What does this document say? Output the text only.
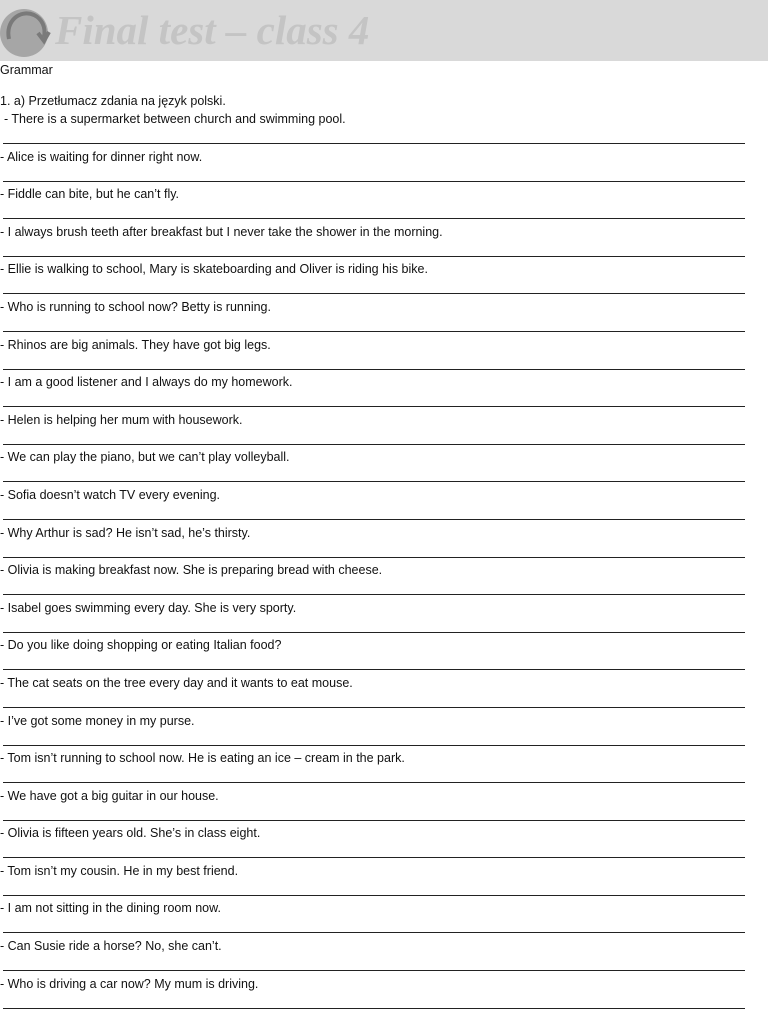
Final test – class 4
Grammar
1. a) Przetłumacz zdania na język polski.
- There is a supermarket between church and swimming pool.
- Alice is waiting for dinner right now.
- Fiddle can bite, but he can’t fly.
- I always brush teeth after breakfast but I never take the shower in the morning.
- Ellie is walking to school, Mary is skateboarding and Oliver is riding his bike.
- Who is running to school now? Betty is running.
- Rhinos are big animals. They have got big legs.
- I am a good listener and I always do my homework.
- Helen is helping her mum with housework.
- We can play the piano, but we can’t play volleyball.
- Sofia doesn’t watch TV every evening.
- Why Arthur is sad? He isn’t sad, he’s thirsty.
- Olivia is making breakfast now. She is preparing bread with cheese.
- Isabel goes swimming every day. She is very sporty.
- Do you like doing shopping or eating Italian food?
- The cat seats on the tree every day and it wants to eat mouse.
- I’ve got some money in my purse.
- Tom isn’t running to school now. He is eating an ice – cream in the park.
- We have got a big guitar in our house.
- Olivia is fifteen years old. She’s in class eight.
- Tom isn’t my cousin. He in my best friend.
- I am not sitting in the dining room now.
- Can Susie ride a horse? No, she can’t.
- Who is driving a car now? My mum is driving.
